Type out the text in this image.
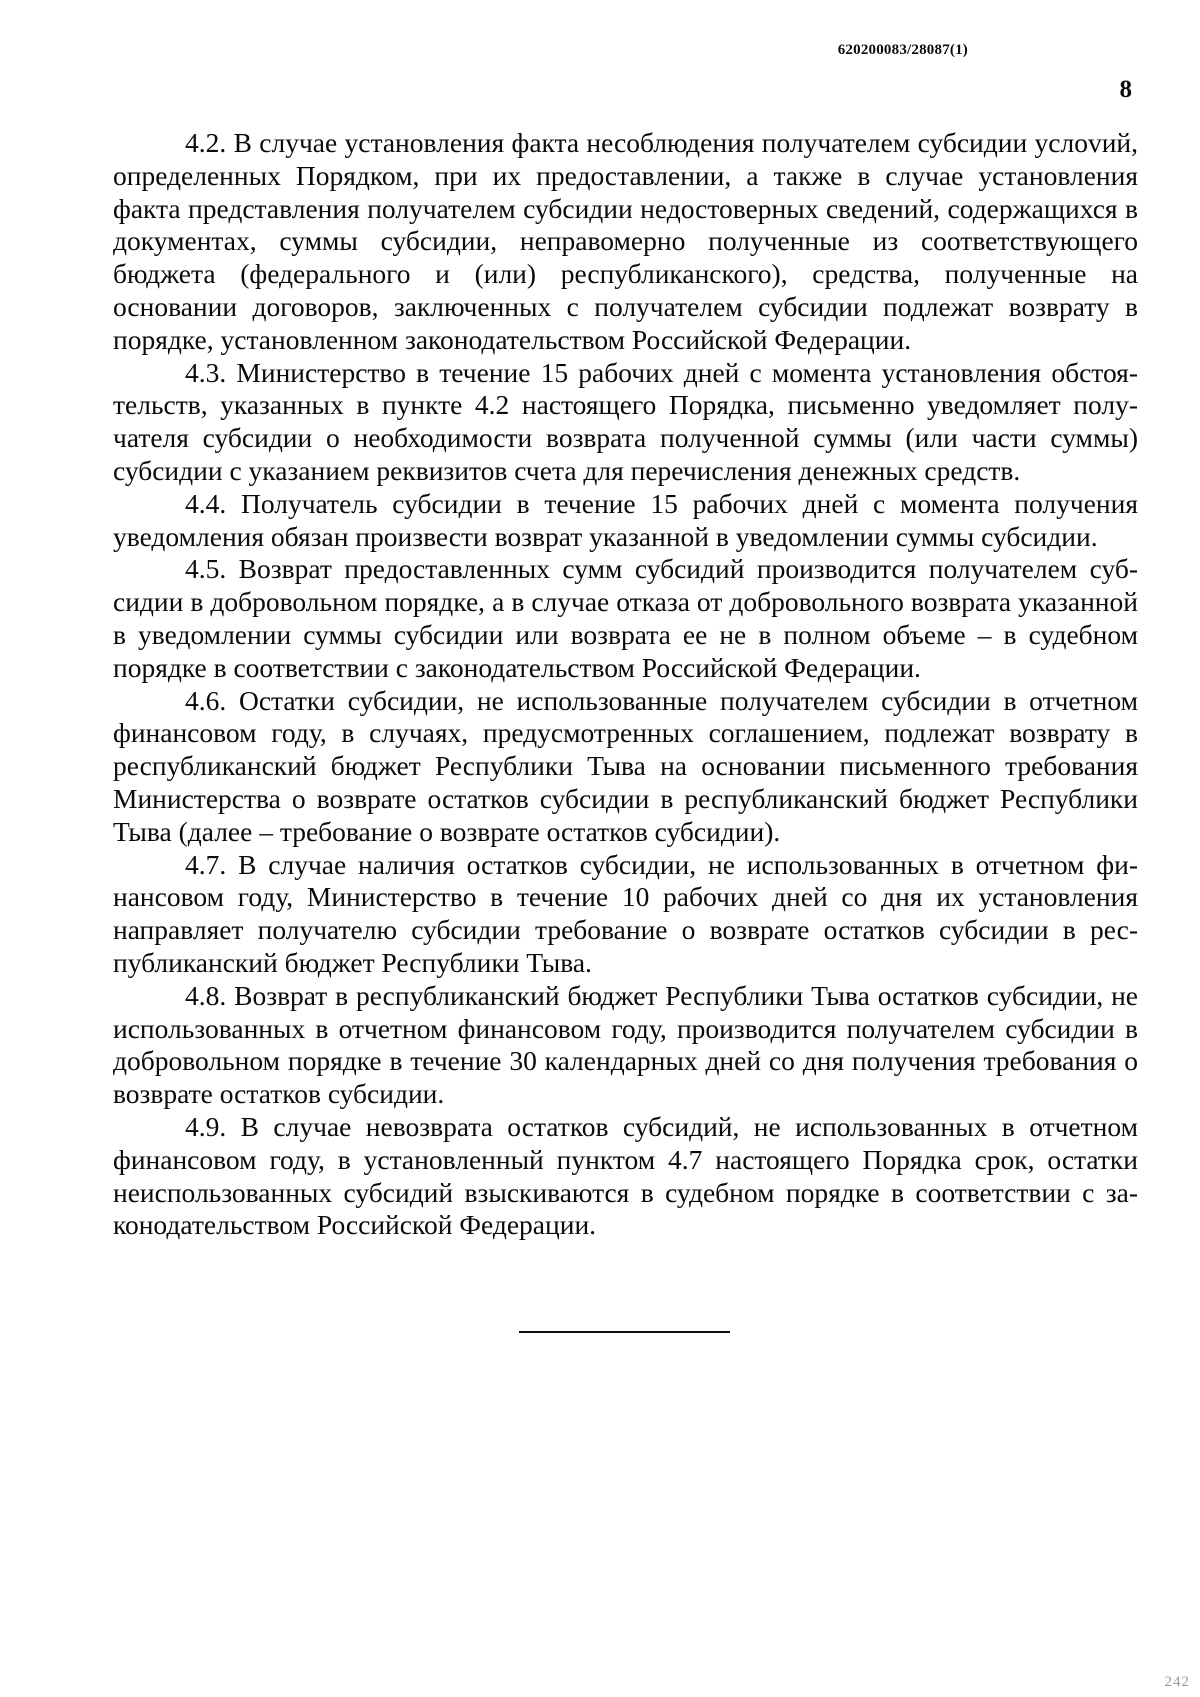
620200083/28087(1)
8

4.2. В случае установления факта несоблюдения получателем субсидии услоvий, определенных Порядком, при их предоставлении, а также в случае установления факта представления получателем субсидии недостоверных сведений, содержащихся в документах, суммы субсидии, неправомерно полученные из соответствующего бюджета (федерального и (или) республиканского), средства, полученные на основании договоров, заключенных с получателем субсидии подлежат возврату в порядке, установленном законодательством Российской Федерации.

4.3. Министерство в течение 15 рабочих дней с момента установления обстоятельств, указанных в пункте 4.2 настоящего Порядка, письменно уведомляет получателя субсидии о необходимости возврата полученной суммы (или части суммы) субсидии с указанием реквизитов счета для перечисления денежных средств.

4.4. Получатель субсидии в течение 15 рабочих дней с момента получения уведомления обязан произвести возврат указанной в уведомлении суммы субсидии.

4.5. Возврат предоставленных сумм субсидий производится получателем субсидии в добровольном порядке, а в случае отказа от добровольного возврата указанной в уведомлении суммы субсидии или возврата ее не в полном объеме – в судебном порядке в соответствии с законодательством Российской Федерации.

4.6. Остатки субсидии, не использованные получателем субсидии в отчетном финансовом году, в случаях, предусмотренных соглашением, подлежат возврату в республиканский бюджет Республики Тыва на основании письменного требования Министерства о возврате остатков субсидии в республиканский бюджет Республики Тыва (далее – требование о возврате остатков субсидии).

4.7. В случае наличия остатков субсидии, не использованных в отчетном финансовом году, Министерство в течение 10 рабочих дней со дня их установления направляет получателю субсидии требование о возврате остатков субсидии в республиканский бюджет Республики Тыва.

4.8. Возврат в республиканский бюджет Республики Тыва остатков субсидии, не использованных в отчетном финансовом году, производится получателем субсидии в добровольном порядке в течение 30 календарных дней со дня получения требования о возврате остатков субсидии.

4.9. В случае невозврата остатков субсидий, не использованных в отчетном финансовом году, в установленный пунктом 4.7 настоящего Порядка срок, остатки неиспользованных субсидий взыскиваются в судебном порядке в соответствии с законодательством Российской Федерации.

242
